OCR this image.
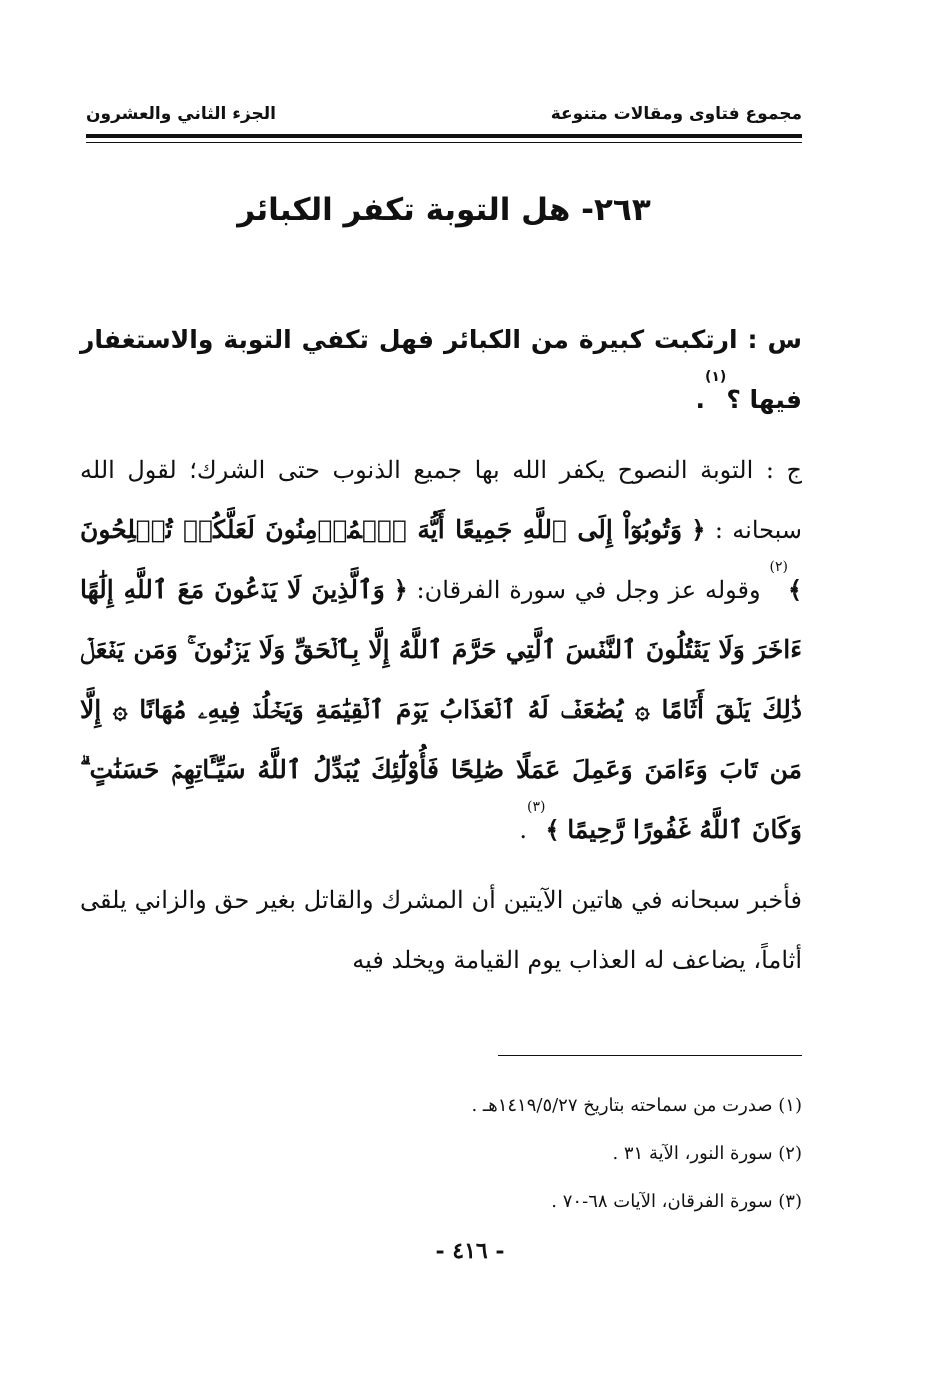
مجموع فتاوى ومقالات متنوعة
الجزء الثاني والعشرون
٢٦٣- هل التوبة تكفر الكبائر

س : ارتكبت كبيرة من الكبائر فهل تكفي التوبة والاستغفار فيها ؟$^{(١)}$.

ج : التوبة النصوح يكفر الله بها جميع الذنوب حتى الشرك؛ لقول الله سبحانه : ﴿ وَتُوبُوٓاْ إِلَى ٱللَّهِ جَمِيعًا أَيُّهَ ٱلۡمُؤۡمِنُونَ لَعَلَّكُمۡ تُفۡلِحُونَ ﴾$^{(٢)}$ وقوله عز وجل في سورة الفرقان: ﴿ وَٱلَّذِينَ لَا يَدۡعُونَ مَعَ ٱللَّهِ إِلَٰهًا ءَاخَرَ وَلَا يَقۡتُلُونَ ٱلنَّفۡسَ ٱلَّتِي حَرَّمَ ٱللَّهُ إِلَّا بِٱلۡحَقِّ وَلَا يَزۡنُونَ ۚ وَمَن يَفۡعَلۡ ذَٰلِكَ يَلۡقَ أَثَامًا ۞ يُضَٰعَفۡ لَهُ ٱلۡعَذَابُ يَوۡمَ ٱلۡقِيَٰمَةِ وَيَخۡلُدۡ فِيهِۦ مُهَانًا ۞ إِلَّا مَن تَابَ وَءَامَنَ وَعَمِلَ عَمَلًا صَٰلِحًا فَأُوْلَٰٓئِكَ يُبَدِّلُ ٱللَّهُ سَيِّـَٔاتِهِمۡ حَسَنَٰتٍ ۗ وَكَانَ ٱللَّهُ غَفُورًا رَّحِيمًا ﴾$^{(٣)}$.

فأخبر سبحانه في هاتين الآيتين أن المشرك والقاتل بغير حق والزاني يلقى أثاماً، يضاعف له العذاب يوم القيامة ويخلد فيه

(١) صدرت من سماحته بتاريخ ١٤١٩/٥/٢٧هـ .
(٢) سورة النور، الآية ٣١ .
(٣) سورة الفرقان، الآيات ٦٨-٧٠ .
- ٤١٦ -
